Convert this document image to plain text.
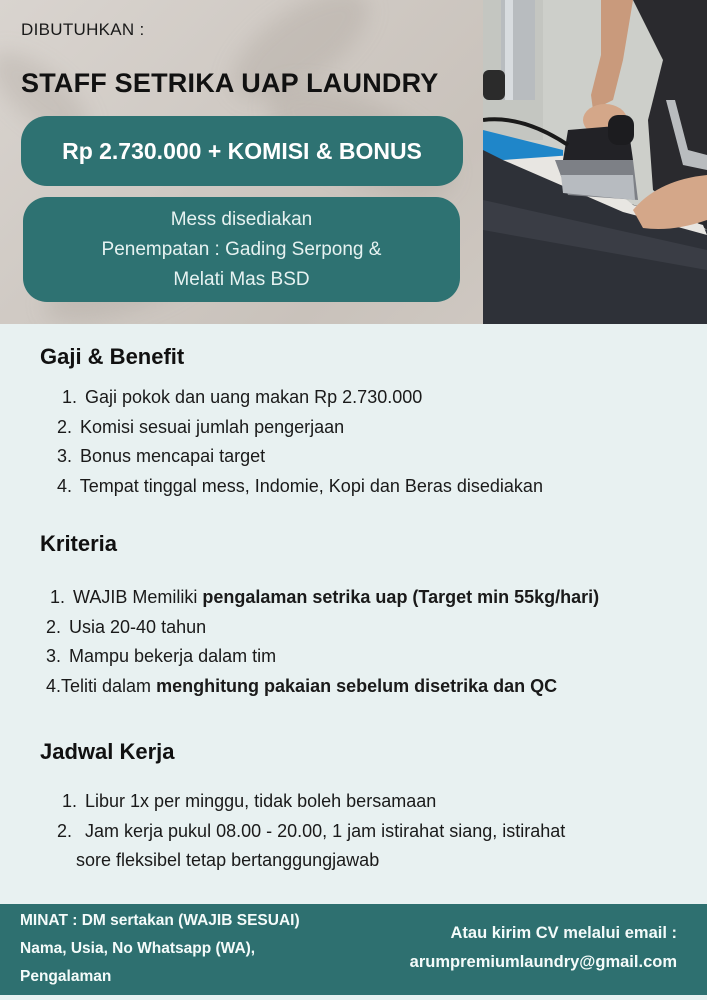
DIBUTUHKAN :
STAFF SETRIKA UAP LAUNDRY
Rp 2.730.000 + KOMISI & BONUS
Mess disediakan
Penempatan : Gading Serpong &
Melati Mas BSD
Gaji & Benefit
1. Gaji pokok dan uang makan Rp 2.730.000
2. Komisi sesuai jumlah pengerjaan
3. Bonus mencapai target
4. Tempat tinggal mess, Indomie, Kopi dan Beras disediakan
Kriteria
1. WAJIB Memiliki pengalaman setrika uap (Target min 55kg/hari)
2. Usia 20-40 tahun
3. Mampu bekerja dalam tim
4.Teliti dalam menghitung pakaian sebelum disetrika dan QC
Jadwal Kerja
1. Libur 1x per minggu, tidak boleh bersamaan
2. Jam kerja pukul 08.00 - 20.00, 1 jam istirahat siang, istirahat
sore fleksibel tetap bertanggungjawab
MINAT : DM sertakan (WAJIB SESUAI)
Nama, Usia, No Whatsapp (WA),
Pengalaman
Atau kirim CV melalui email :
arumpremiumlaundry@gmail.com
